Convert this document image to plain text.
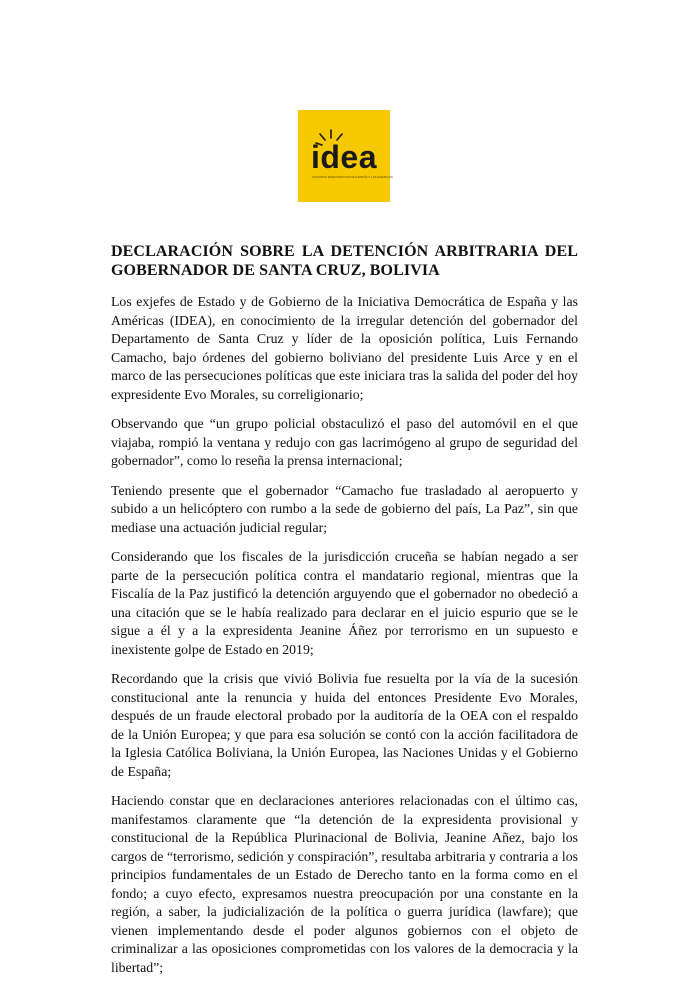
idea
INICIATIVA DEMOCRÁTICA DE ESPAÑA Y LAS AMÉRICAS
DECLARACIÓN SOBRE LA DETENCIÓN ARBITRARIA DEL GOBERNADOR DE SANTA CRUZ, BOLIVIA

Los exjefes de Estado y de Gobierno de la Iniciativa Democrática de España y las Américas (IDEA), en conocimiento de la irregular detención del gobernador del Departamento de Santa Cruz y líder de la oposición política, Luis Fernando Camacho, bajo órdenes del gobierno boliviano del presidente Luis Arce y en el marco de las persecuciones políticas que este iniciara tras la salida del poder del hoy expresidente Evo Morales, su correligionario;

Observando que “un grupo policial obstaculizó el paso del automóvil en el que viajaba, rompió la ventana y redujo con gas lacrimógeno al grupo de seguridad del gobernador”, como lo reseña la prensa internacional;

Teniendo presente que el gobernador “Camacho fue trasladado al aeropuerto y subido a un helicóptero con rumbo a la sede de gobierno del país, La Paz”, sin que mediase una actuación judicial regular;

Considerando que los fiscales de la jurisdicción cruceña se habían negado a ser parte de la persecución política contra el mandatario regional, mientras que la Fiscalía de la Paz justificó la detención arguyendo que el gobernador no obedeció a una citación que se le había realizado para declarar en el juicio espurio que se le sigue a él y a la expresidenta Jeanine Áñez por terrorismo en un supuesto e inexistente golpe de Estado en 2019;

Recordando que la crisis que vivió Bolivia fue resuelta por la vía de la sucesión constitucional ante la renuncia y huida del entonces Presidente Evo Morales, después de un fraude electoral probado por la auditoría de la OEA con el respaldo de la Unión Europea; y que para esa solución se contó con la acción facilitadora de la Iglesia Católica Boliviana, la Unión Europea, las Naciones Unidas y el Gobierno de España;

Haciendo constar que en declaraciones anteriores relacionadas con el último cas, manifestamos claramente que “la detención de la expresidenta provisional y constitucional de la República Plurinacional de Bolivia, Jeanine Añez, bajo los cargos de “terrorismo, sedición y conspiración”, resultaba arbitraria y contraria a los principios fundamentales de un Estado de Derecho tanto en la forma como en el fondo; a cuyo efecto, expresamos nuestra preocupación por una constante en la región, a saber, la judicialización de la política o guerra jurídica (lawfare); que vienen implementando desde el poder algunos gobiernos con el objeto de criminalizar a las oposiciones comprometidas con los valores de la democracia y la libertad”;
